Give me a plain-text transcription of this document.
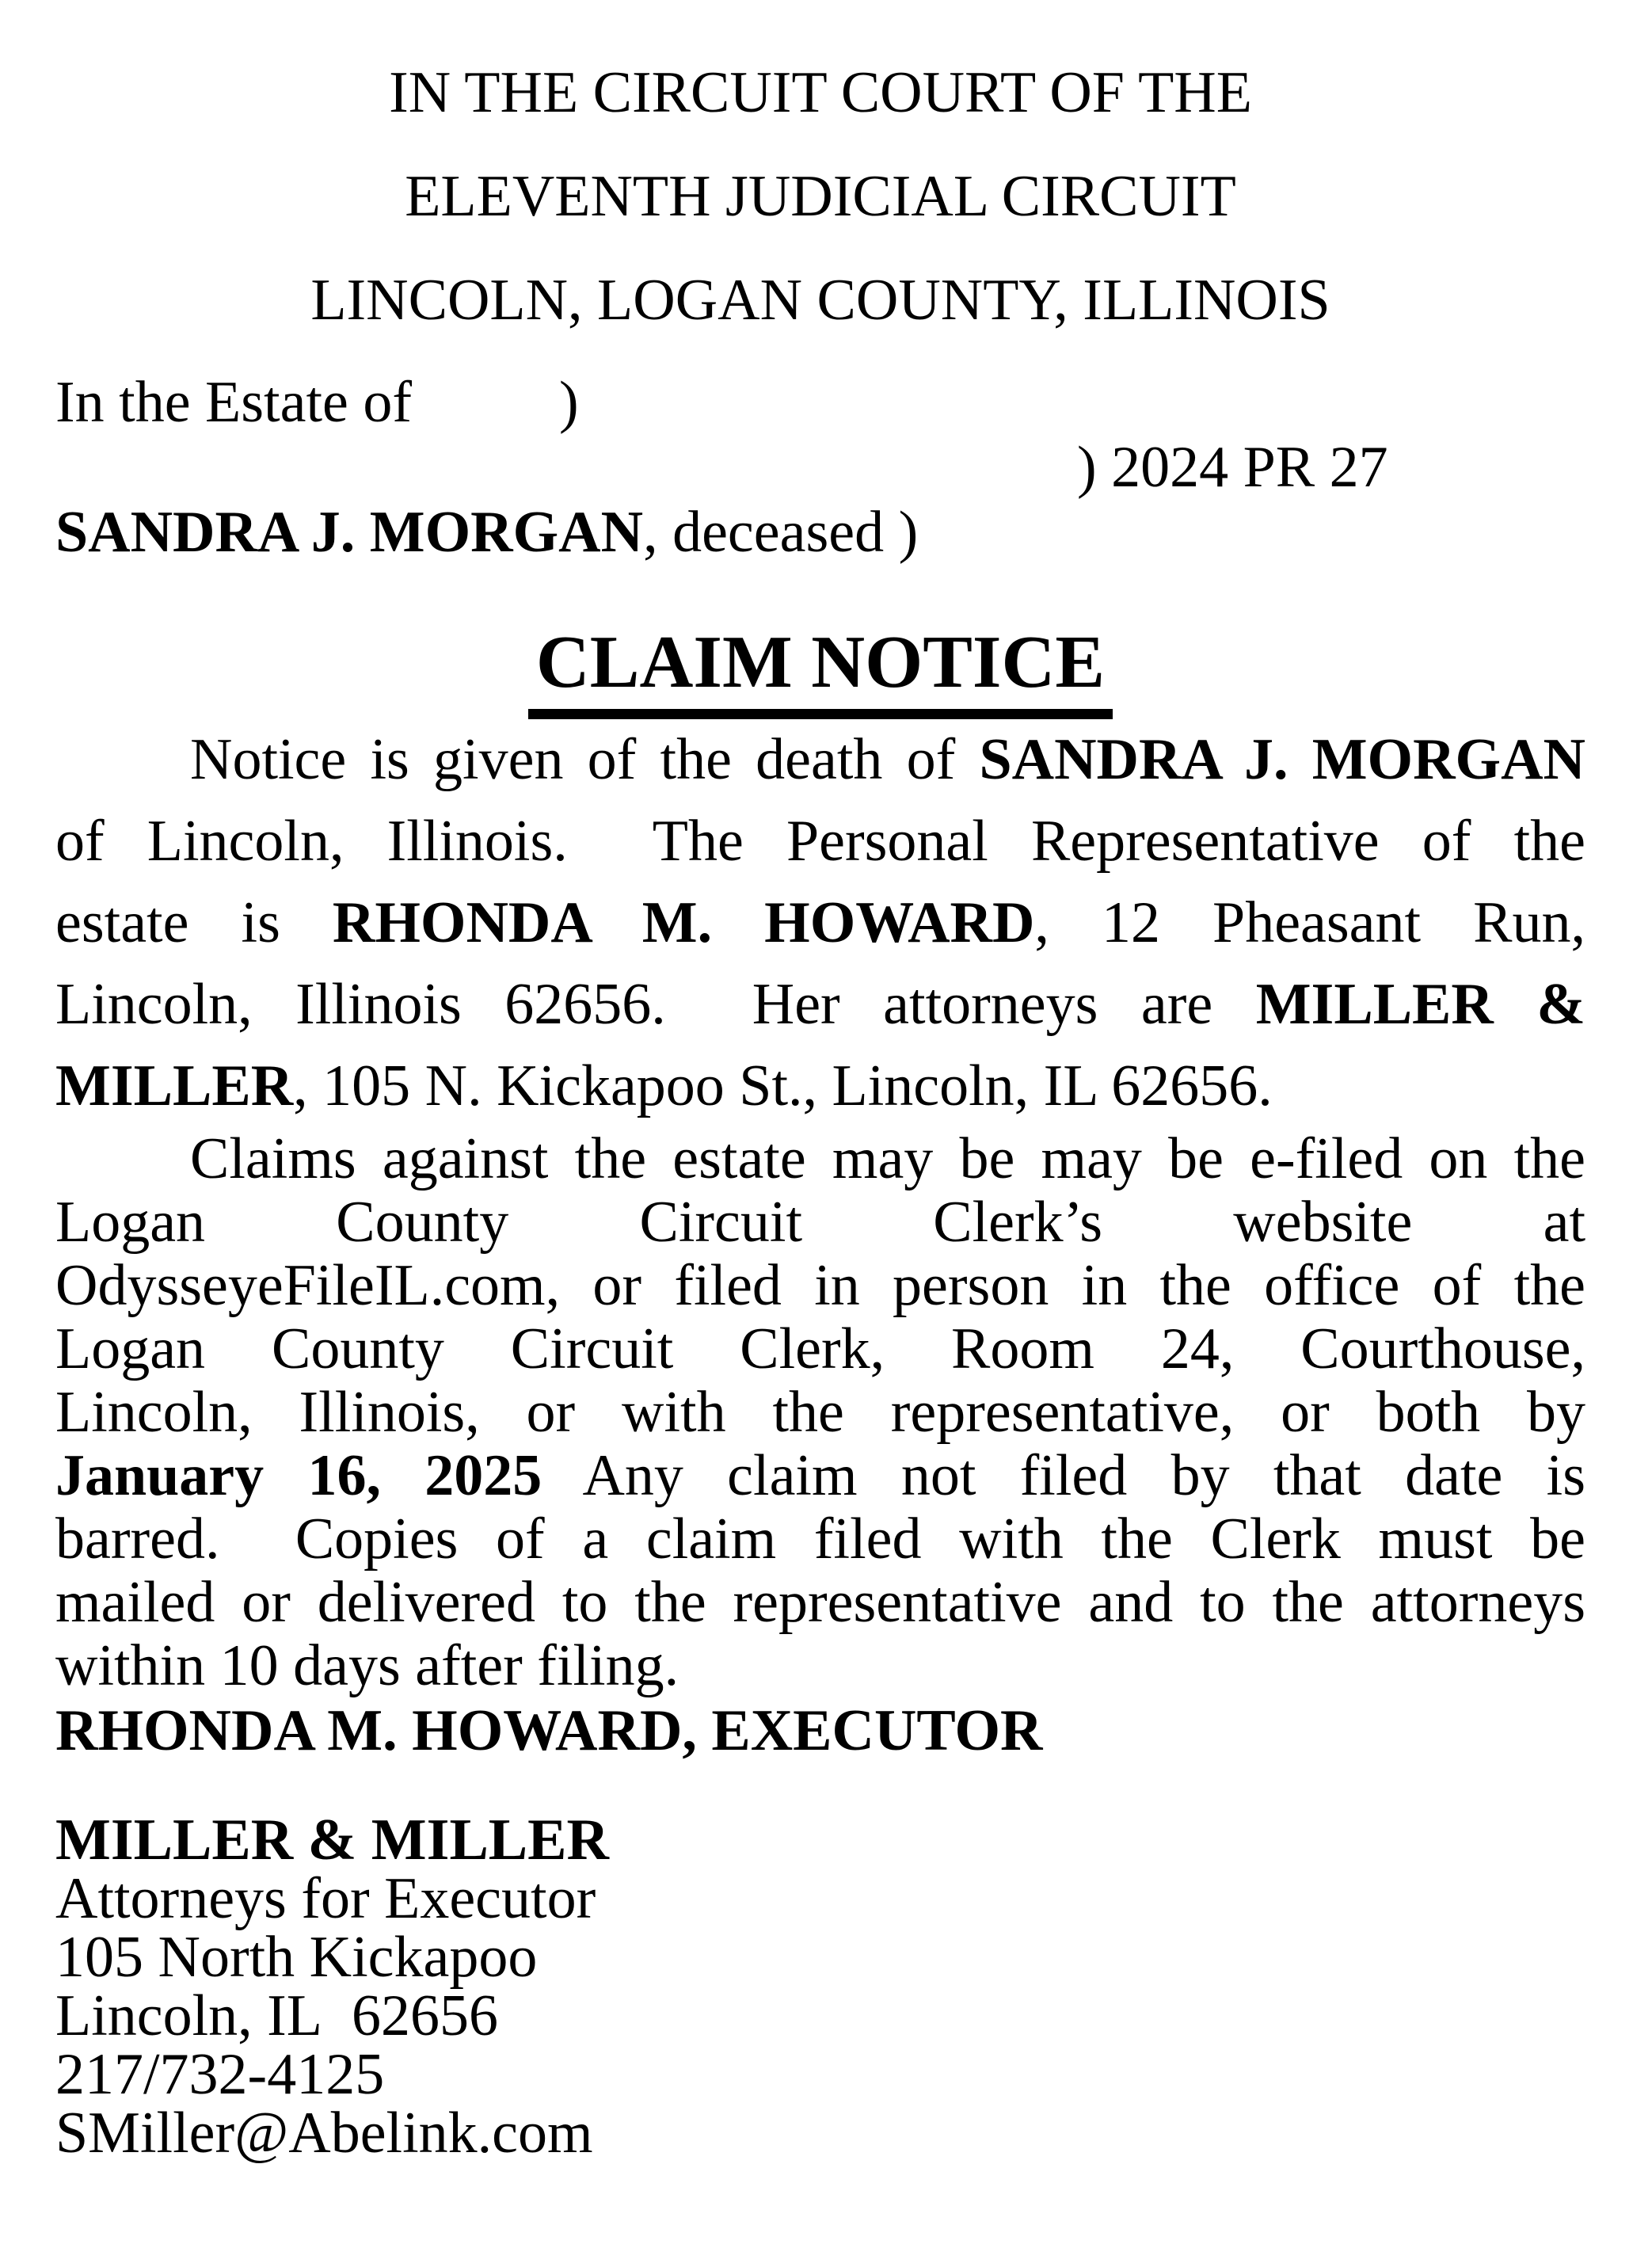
IN THE CIRCUIT COURT OF THE
ELEVENTH JUDICIAL CIRCUIT
LINCOLN, LOGAN COUNTY, ILLINOIS
In the Estate of	)
) 2024 PR 27
SANDRA J. MORGAN, deceased )
CLAIM NOTICE
Notice is given of the death of SANDRA J. MORGAN
of Lincoln, Illinois.  The Personal Representative of the
estate is RHONDA M. HOWARD, 12 Pheasant Run,
Lincoln, Illinois 62656.  Her attorneys are MILLER &
MILLER, 105 N. Kickapoo St., Lincoln, IL 62656.
Claims against the estate may be may be e-filed on the
Logan County Circuit Clerk’s website at
OdysseyeFileIL.com, or filed in person in the office of the
Logan County Circuit Clerk, Room 24, Courthouse,
Lincoln, Illinois, or with the representative, or both by
January 16, 2025 Any claim not filed by that date is
barred.  Copies of a claim filed with the Clerk must be
mailed or delivered to the representative and to the attorneys
within 10 days after filing.
RHONDA M. HOWARD, EXECUTOR
MILLER & MILLER
Attorneys for Executor
105 North Kickapoo
Lincoln, IL  62656
217/732-4125
SMiller@Abelink.com
